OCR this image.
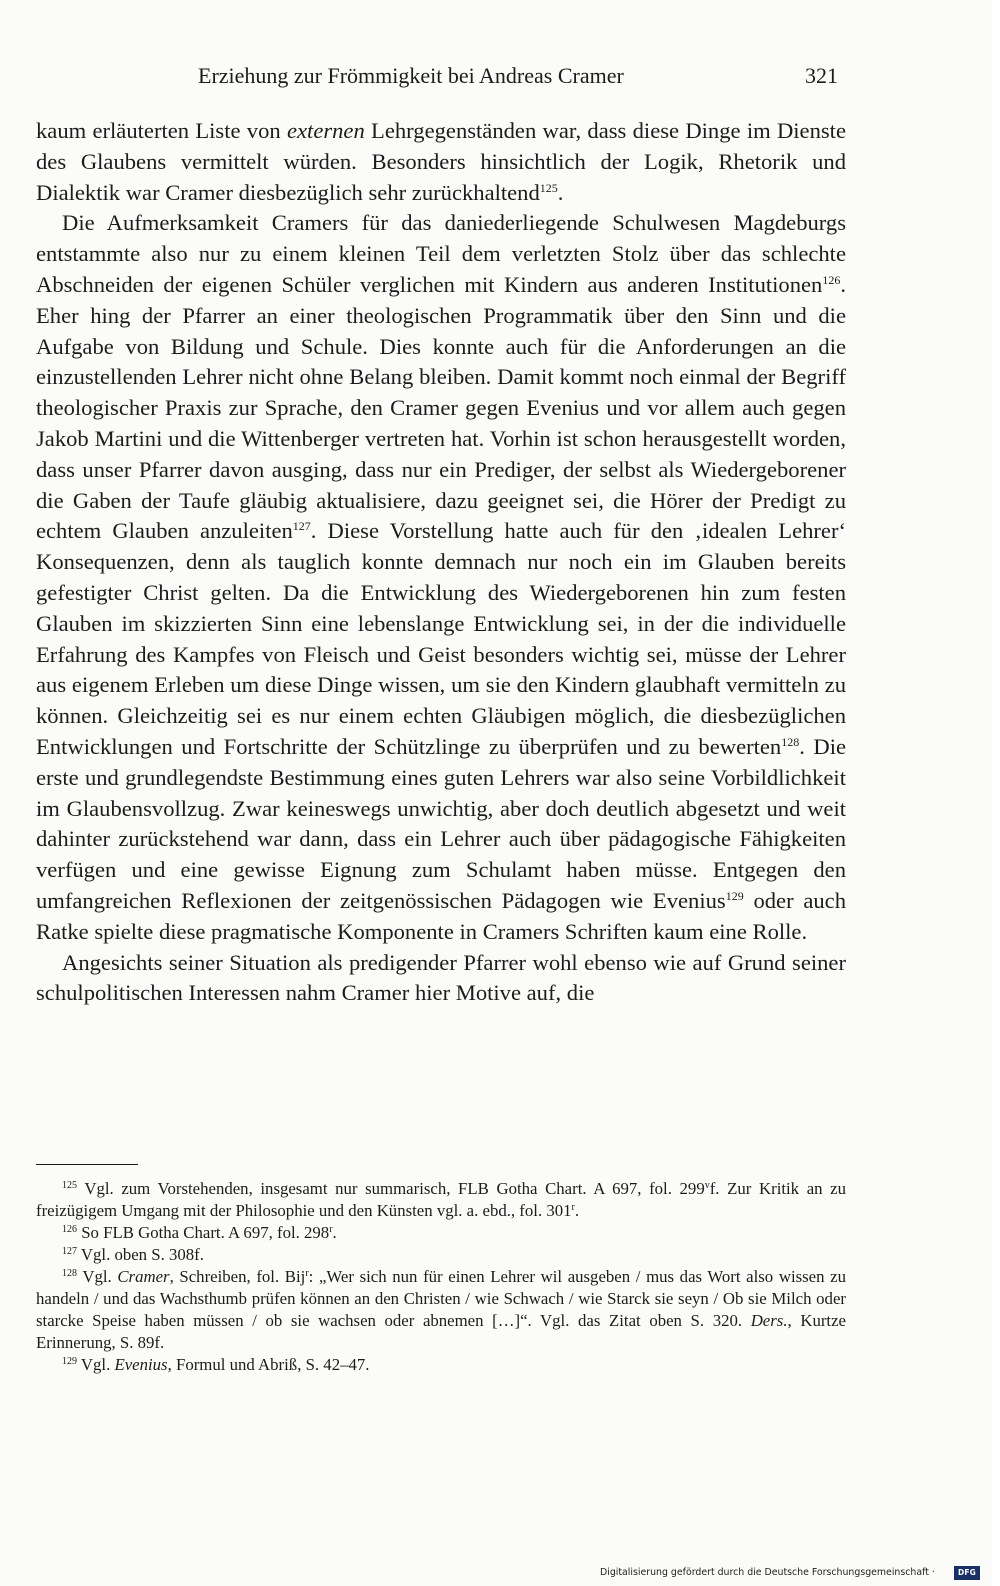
Erziehung zur Frömmigkeit bei Andreas Cramer	321

kaum erläuterten Liste von externen Lehrgegenständen war, dass diese Dinge im Dienste des Glaubens vermittelt würden. Besonders hinsichtlich der Logik, Rhetorik und Dialektik war Cramer diesbezüglich sehr zurückhaltend$^{125}$.

Die Aufmerksamkeit Cramers für das daniederliegende Schulwesen Magdeburgs entstammte also nur zu einem kleinen Teil dem verletzten Stolz über das schlechte Abschneiden der eigenen Schüler verglichen mit Kindern aus anderen Institutionen$^{126}$. Eher hing der Pfarrer an einer theologischen Programmatik über den Sinn und die Aufgabe von Bildung und Schule. Dies konnte auch für die Anforderungen an die einzustellenden Lehrer nicht ohne Belang bleiben. Damit kommt noch einmal der Begriff theologischer Praxis zur Sprache, den Cramer gegen Evenius und vor allem auch gegen Jakob Martini und die Wittenberger vertreten hat. Vorhin ist schon herausgestellt worden, dass unser Pfarrer davon ausging, dass nur ein Prediger, der selbst als Wiedergeborener die Gaben der Taufe gläubig aktualisiere, dazu geeignet sei, die Hörer der Predigt zu echtem Glauben anzuleiten$^{127}$. Diese Vorstellung hatte auch für den ‚idealen Lehrer‘ Konsequenzen, denn als tauglich konnte demnach nur noch ein im Glauben bereits gefestigter Christ gelten. Da die Entwicklung des Wiedergeborenen hin zum festen Glauben im skizzierten Sinn eine lebenslange Entwicklung sei, in der die individuelle Erfahrung des Kampfes von Fleisch und Geist besonders wichtig sei, müsse der Lehrer aus eigenem Erleben um diese Dinge wissen, um sie den Kindern glaubhaft vermitteln zu können. Gleichzeitig sei es nur einem echten Gläubigen möglich, die diesbezüglichen Entwicklungen und Fortschritte der Schützlinge zu überprüfen und zu bewerten$^{128}$. Die erste und grundlegendste Bestimmung eines guten Lehrers war also seine Vorbildlichkeit im Glaubensvollzug. Zwar keineswegs unwichtig, aber doch deutlich abgesetzt und weit dahinter zurückstehend war dann, dass ein Lehrer auch über pädagogische Fähigkeiten verfügen und eine gewisse Eignung zum Schulamt haben müsse. Entgegen den umfangreichen Reflexionen der zeitgenössischen Pädagogen wie Evenius$^{129}$ oder auch Ratke spielte diese pragmatische Komponente in Cramers Schriften kaum eine Rolle.

Angesichts seiner Situation als predigender Pfarrer wohl ebenso wie auf Grund seiner schulpolitischen Interessen nahm Cramer hier Motive auf, die

$^{125}$ Vgl. zum Vorstehenden, insgesamt nur summarisch, FLB Gotha Chart. A 697, fol. 299$^v$f. Zur Kritik an zu freizügigem Umgang mit der Philosophie und den Künsten vgl. a. ebd., fol. 301$^r$.

$^{126}$ So FLB Gotha Chart. A 697, fol. 298$^r$.

$^{127}$ Vgl. oben S. 308f.

$^{128}$ Vgl. Cramer, Schreiben, fol. Bij$^r$: „Wer sich nun für einen Lehrer wil ausgeben / mus das Wort also wissen zu handeln / und das Wachsthumb prüfen können an den Christen / wie Schwach / wie Starck sie seyn / Ob sie Milch oder starcke Speise haben müssen / ob sie wachsen oder abnemen […]“. Vgl. das Zitat oben S. 320. Ders., Kurtze Erinnerung, S. 89f.

$^{129}$ Vgl. Evenius, Formul und Abriß, S. 42–47.

Digitalisierung gefördert durch die Deutsche Forschungsgemeinschaft ·	DFG
